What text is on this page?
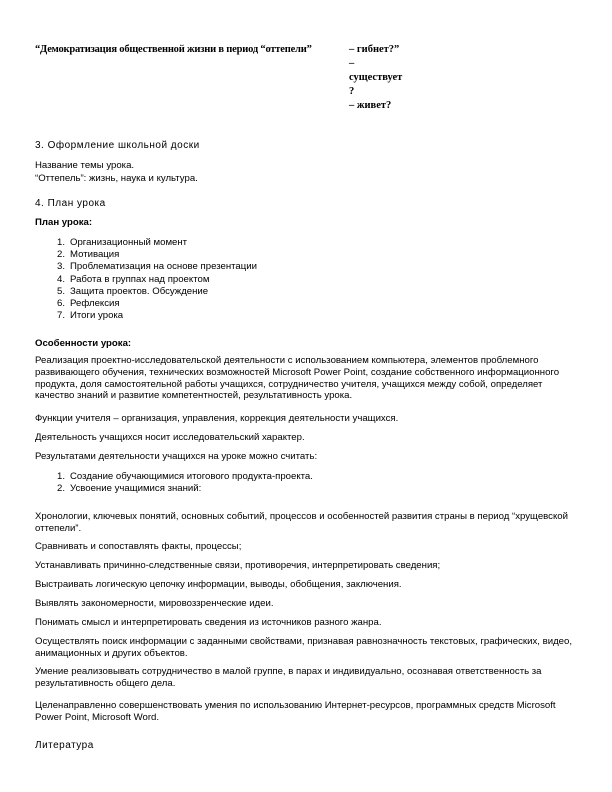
“Демократизация общественной жизни в период “оттепели”	– гибнет?”
–
существует
?
– живет?
3. Оформление школьной доски
Название темы урока.
“Оттепель”: жизнь, наука и культура.
4. План урока
План урока:
1. Организационный момент
2. Мотивация
3. Проблематизация на основе презентации
4. Работа в группах над проектом
5. Защита проектов. Обсуждение
6. Рефлексия
7. Итоги урока
Особенности урока:
Реализация проектно-исследовательской деятельности с использованием компьютера, элементов проблемного развивающего обучения, технических возможностей Microsoft Power Point, создание собственного информационного продукта, доля самостоятельной работы учащихся, сотрудничество учителя, учащихся между собой, определяет качество знаний и развитие компетентностей, результативность урока.
Функции учителя – организация, управления, коррекция деятельности учащихся.
Деятельность учащихся носит исследовательский характер.
Результатами деятельности учащихся на уроке можно считать:
1. Создание обучающимися итогового продукта-проекта.
2. Усвоение учащимися знаний:
Хронологии, ключевых понятий, основных событий, процессов и особенностей развития страны в период “хрущевской оттепели”.
Сравнивать и сопоставлять факты, процессы;
Устанавливать причинно-следственные связи, противоречия, интерпретировать сведения;
Выстраивать логическую цепочку информации, выводы, обобщения, заключения.
Выявлять закономерности, мировоззренческие идеи.
Понимать смысл и интерпретировать сведения из источников разного жанра.
Осуществлять поиск информации с заданными свойствами, признавая равнозначность текстовых, графических, видео, анимационных и других объектов.
Умение реализовывать сотрудничество в малой группе, в парах и индивидуально, осознавая ответственность за результативность общего дела.
Целенаправленно совершенствовать умения по использованию Интернет-ресурсов, программных средств Microsoft Power Point, Microsoft Word.
Литература
